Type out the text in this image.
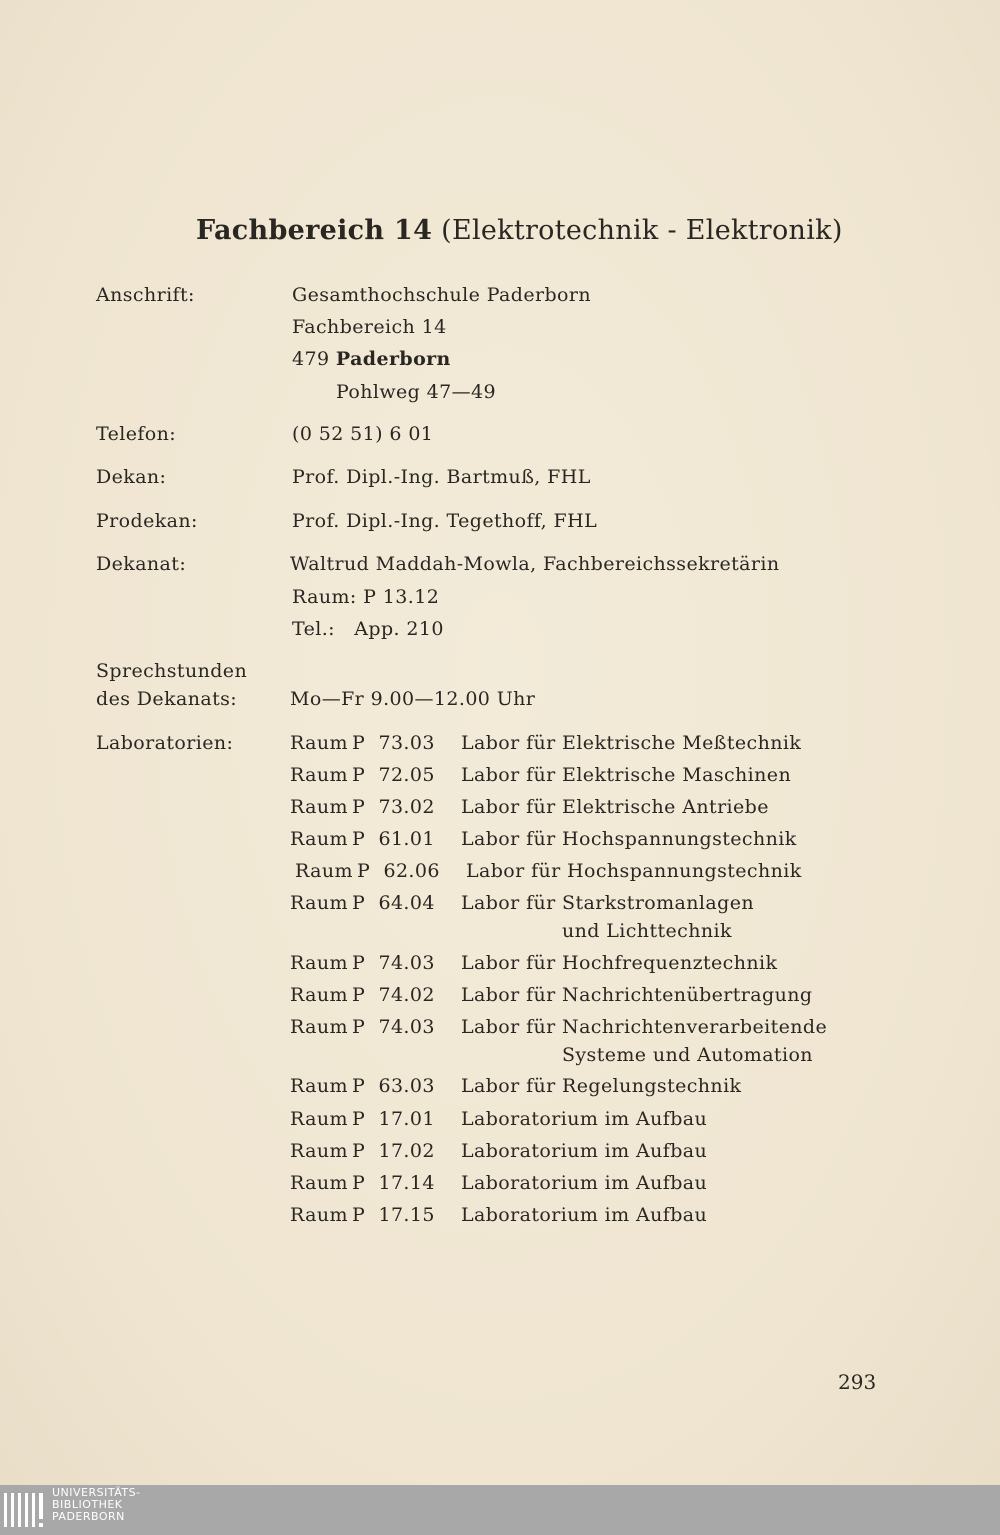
Fachbereich 14 (Elektrotechnik - Elektronik)
Anschrift:	Gesamthochschule Paderborn
Fachbereich 14
479 Paderborn
Pohlweg 47—49
Telefon:	(0 52 51) 6 01
Dekan:	Prof. Dipl.-Ing. Bartmuß, FHL
Prodekan:	Prof. Dipl.-Ing. Tegethoff, FHL
Dekanat:	Waltrud Maddah-Mowla, Fachbereichssekretärin
Raum: P 13.12
Tel.: App. 210
Sprechstunden
des Dekanats:	Mo—Fr 9.00—12.00 Uhr
Laboratorien:	Raum P 73.03 Labor für Elektrische Meßtechnik
Raum P 72.05 Labor für Elektrische Maschinen
Raum P 73.02 Labor für Elektrische Antriebe
Raum P 61.01 Labor für Hochspannungstechnik
Raum P 62.06 Labor für Hochspannungstechnik
Raum P 64.04 Labor für Starkstromanlagen
und Lichttechnik
Raum P 74.03 Labor für Hochfrequenztechnik
Raum P 74.02 Labor für Nachrichtenübertragung
Raum P 74.03 Labor für Nachrichtenverarbeitende
Systeme und Automation
Raum P 63.03 Labor für Regelungstechnik
Raum P 17.01 Laboratorium im Aufbau
Raum P 17.02 Laboratorium im Aufbau
Raum P 17.14 Laboratorium im Aufbau
Raum P 17.15 Laboratorium im Aufbau
293
UNIVERSITÄTS-
BIBLIOTHEK
PADERBORN
